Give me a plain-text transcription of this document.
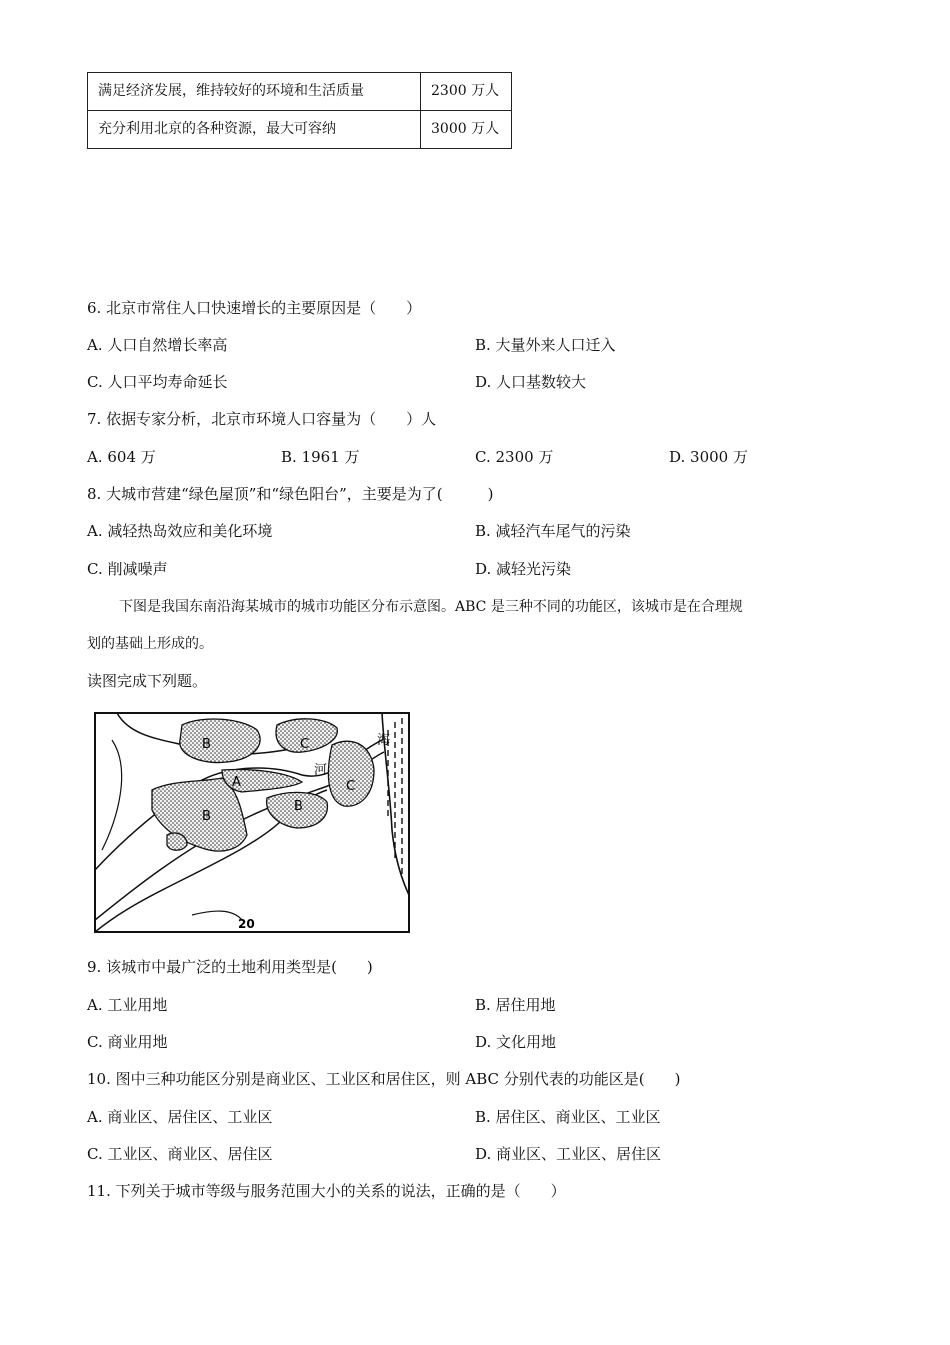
满足经济发展，维持较好的环境和生活质量	2300 万人
充分利用北京的各种资源，最大可容纳	3000 万人
6. 北京市常住人口快速增长的主要原因是（　　）
A. 人口自然增长率高	B. 大量外来人口迁入
C. 人口平均寿命延长	D. 人口基数较大
7. 依据专家分析，北京市环境人口容量为（　　）人
A. 604 万	B. 1961 万	C. 2300 万	D. 3000 万
8. 大城市营建“绿色屋顶”和“绿色阳台”，主要是为了(　　　)
A. 减轻热岛效应和美化环境	B. 减轻汽车尾气的污染
C. 削减噪声	D. 减轻光污染
下图是我国东南沿海某城市的城市功能区分布示意图。ABC 是三种不同的功能区，该城市是在合理规
划的基础上形成的。
读图完成下列题。
B	C
A
B
B
C
河
海
20
9. 该城市中最广泛的土地利用类型是(　　)
A. 工业用地	B. 居住用地
C. 商业用地	D. 文化用地
10. 图中三种功能区分别是商业区、工业区和居住区，则 ABC 分别代表的功能区是(　　)
A. 商业区、居住区、工业区	B. 居住区、商业区、工业区
C. 工业区、商业区、居住区	D. 商业区、工业区、居住区
11. 下列关于城市等级与服务范围大小的关系的说法，正确的是（　　）
